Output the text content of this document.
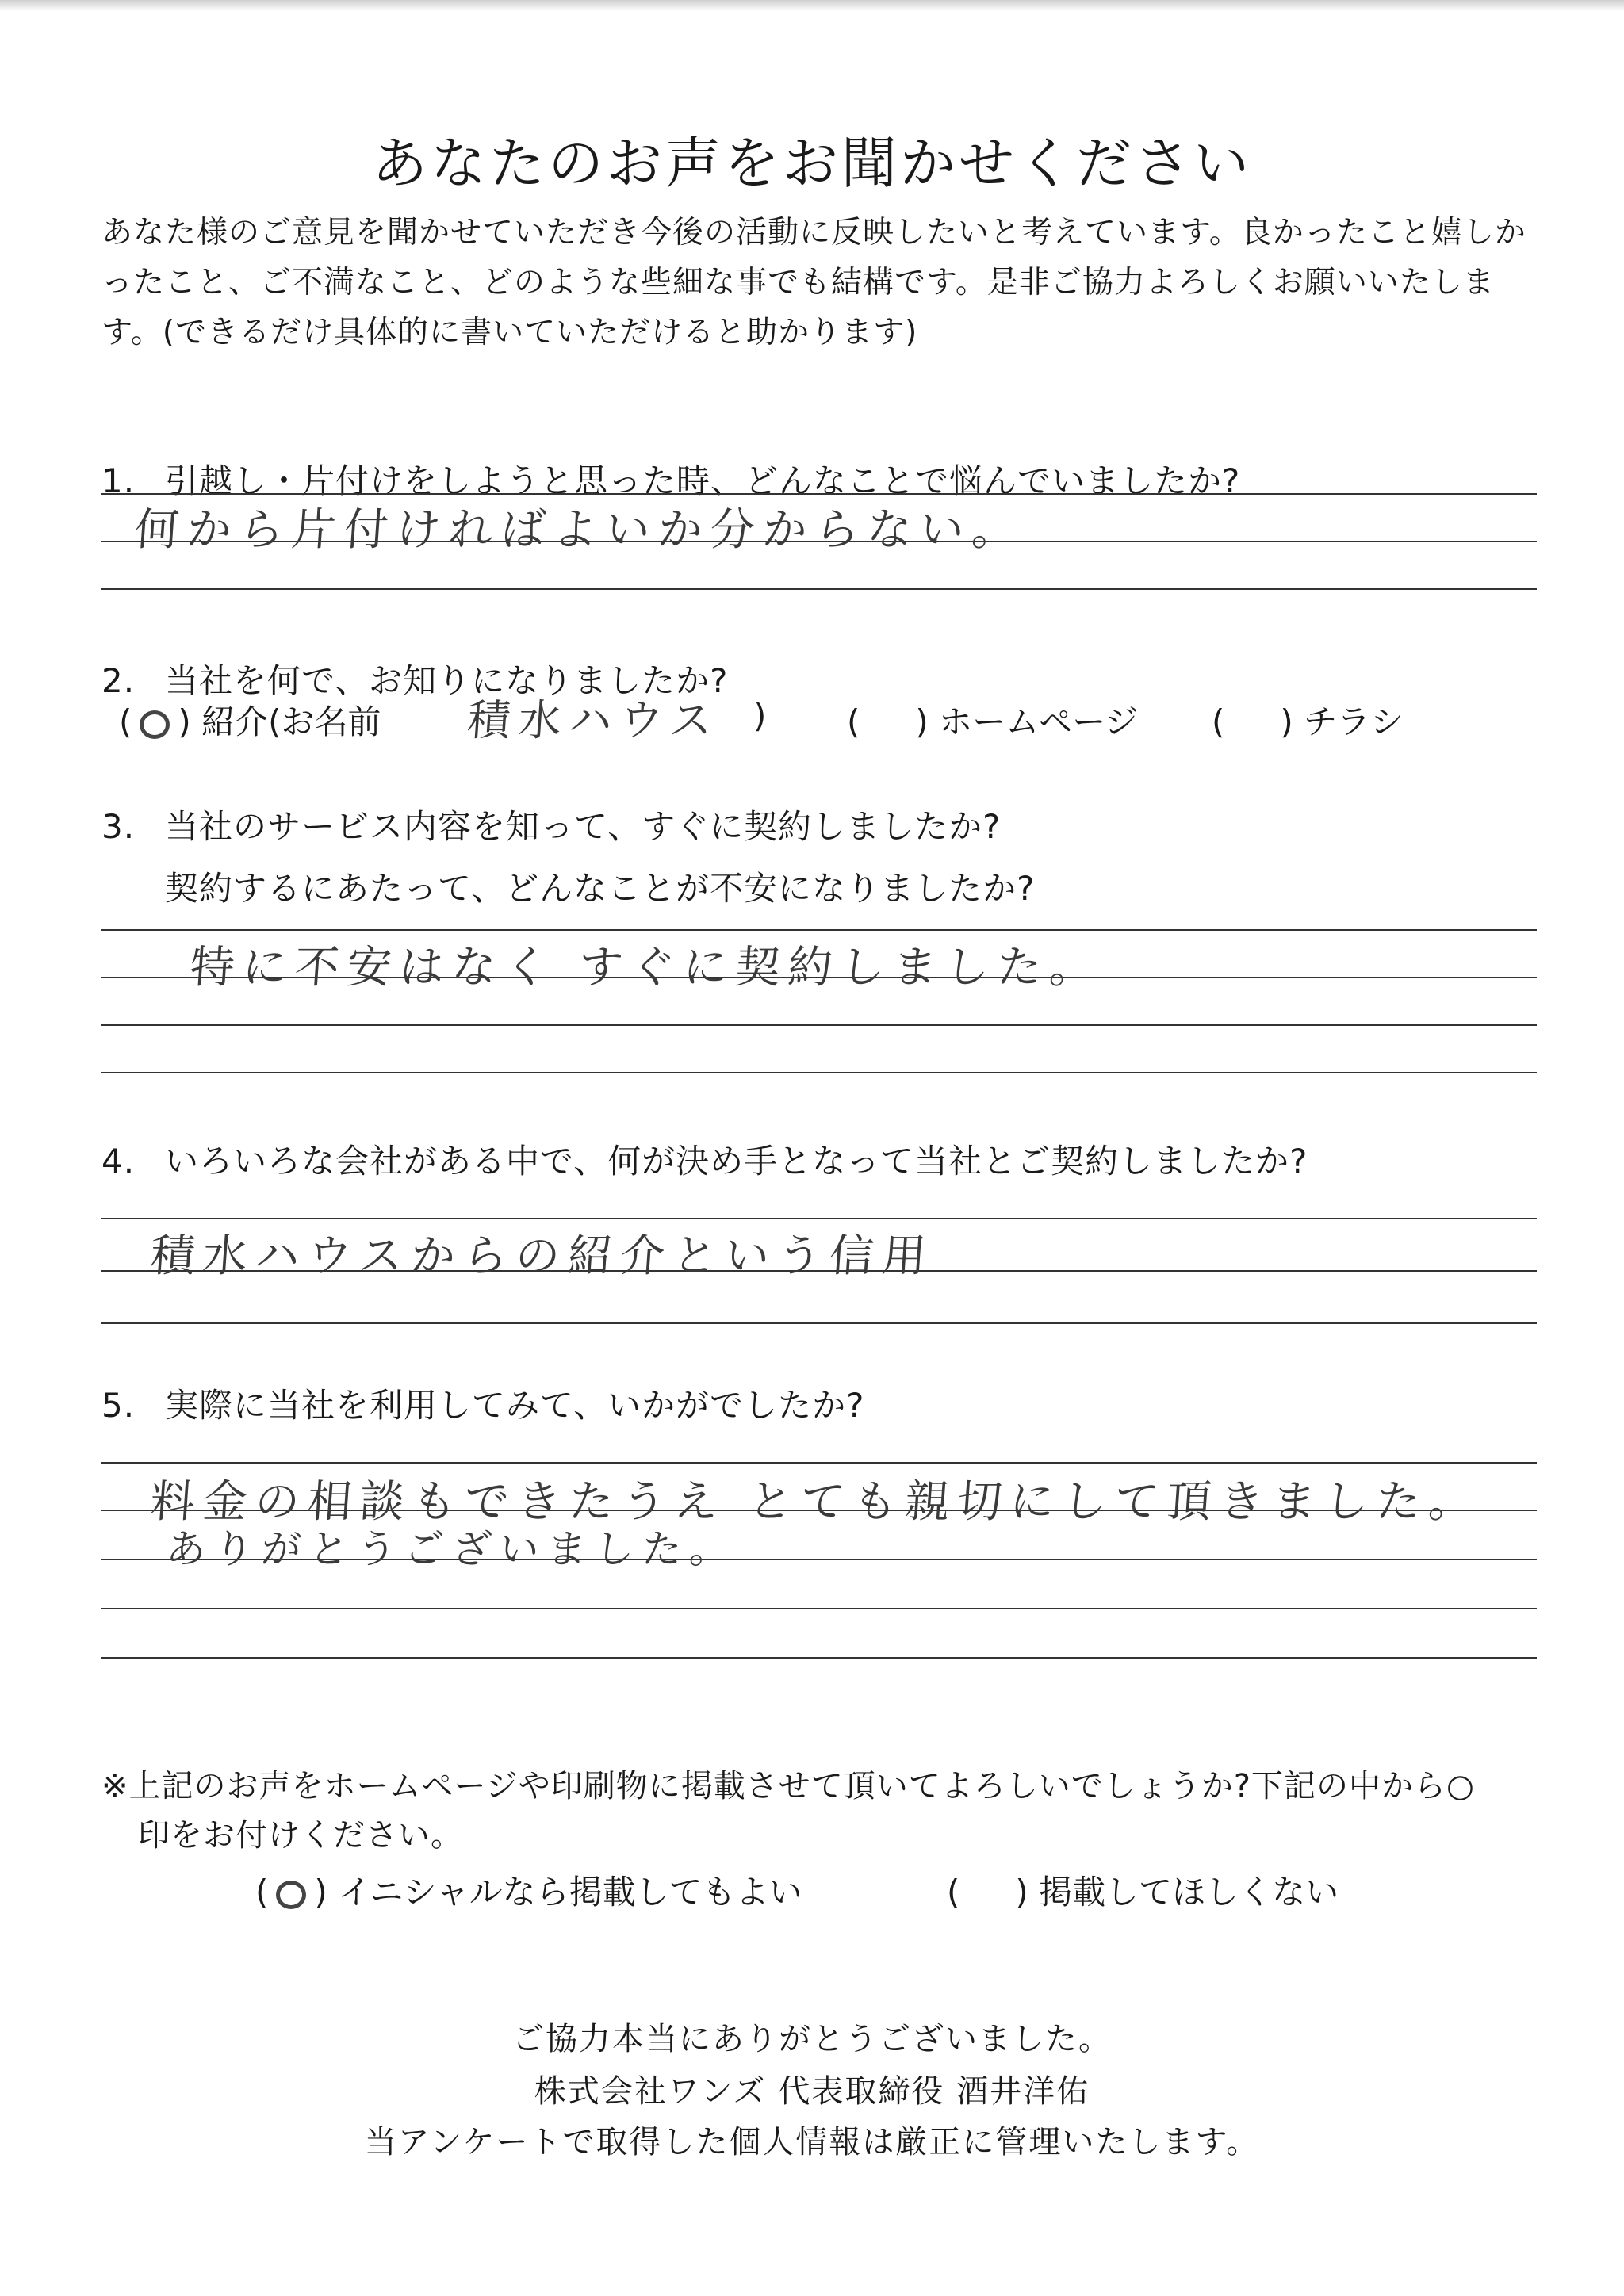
あなたのお声をお聞かせください
あなた様のご意見を聞かせていただき今後の活動に反映したいと考えています。良かったこと嬉しかったこと、ご不満なこと、どのような些細な事でも結構です。是非ご協力よろしくお願いいたします。(できるだけ具体的に書いていただけると助かります)
1. 引越し・片付けをしようと思った時、どんなことで悩んでいましたか?
何から片付ければよいか分からない。
2. 当社を何で、お知りになりましたか?
( ) 紹介(お名前 積水ハウス ) ( ) ホームページ ( ) チラシ
3. 当社のサービス内容を知って、すぐに契約しましたか?
契約するにあたって、どんなことが不安になりましたか?
特に不安はなく すぐに契約しました。
4. いろいろな会社がある中で、何が決め手となって当社とご契約しましたか?
積水ハウスからの紹介という信用
5. 実際に当社を利用してみて、いかがでしたか?
料金の相談もできたうえ とても親切にして頂きました。
ありがとうございました。
※上記のお声をホームページや印刷物に掲載させて頂いてよろしいでしょうか?下記の中から○
印をお付けください。
( ) イニシャルなら掲載してもよい	( ) 掲載してほしくない
ご協力本当にありがとうございました。
株式会社ワンズ 代表取締役 酒井洋佑
当アンケートで取得した個人情報は厳正に管理いたします。
